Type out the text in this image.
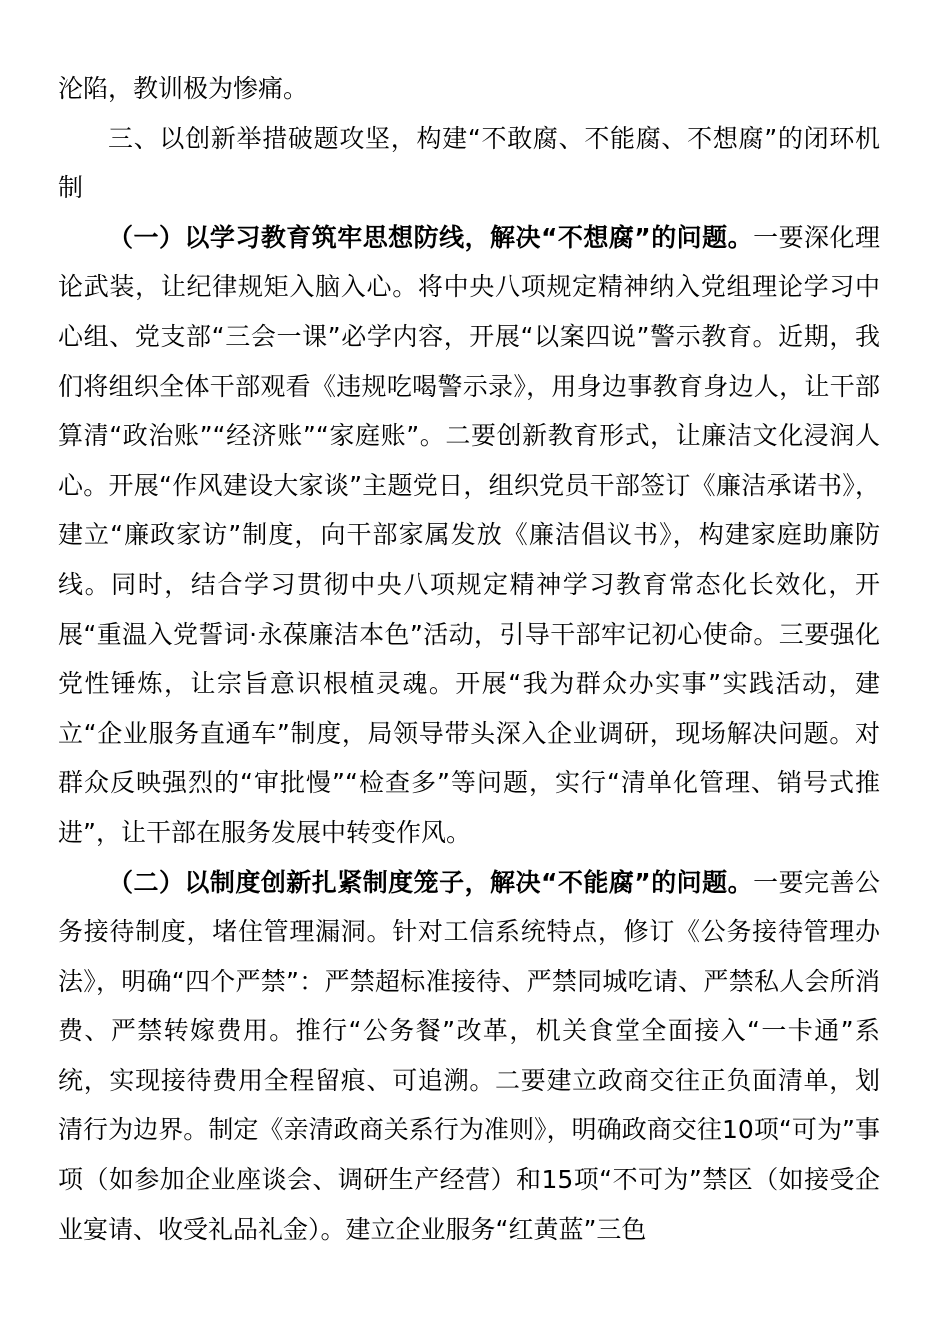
沦陷，教训极为惨痛。

三、以创新举措破题攻坚，构建“不敢腐、不能腐、不想腐”的闭环机制

（一）以学习教育筑牢思想防线，解决“不想腐”的问题。一要深化理论武装，让纪律规矩入脑入心。将中央八项规定精神纳入党组理论学习中心组、党支部“三会一课”必学内容，开展“以案四说”警示教育。近期，我们将组织全体干部观看《违规吃喝警示录》，用身边事教育身边人，让干部算清“政治账”“经济账”“家庭账”。二要创新教育形式，让廉洁文化浸润人心。开展“作风建设大家谈”主题党日，组织党员干部签订《廉洁承诺书》，建立“廉政家访”制度，向干部家属发放《廉洁倡议书》，构建家庭助廉防线。同时，结合学习贯彻中央八项规定精神学习教育常态化长效化，开展“重温入党誓词·永葆廉洁本色”活动，引导干部牢记初心使命。三要强化党性锤炼，让宗旨意识根植灵魂。开展“我为群众办实事”实践活动，建立“企业服务直通车”制度，局领导带头深入企业调研，现场解决问题。对群众反映强烈的“审批慢”“检查多”等问题，实行“清单化管理、销号式推进”，让干部在服务发展中转变作风。

（二）以制度创新扎紧制度笼子，解决“不能腐”的问题。一要完善公务接待制度，堵住管理漏洞。针对工信系统特点，修订《公务接待管理办法》，明确“四个严禁”：严禁超标准接待、严禁同城吃请、严禁私人会所消费、严禁转嫁费用。推行“公务餐”改革，机关食堂全面接入“一卡通”系统，实现接待费用全程留痕、可追溯。二要建立政商交往正负面清单，划清行为边界。制定《亲清政商关系行为准则》，明确政商交往10项“可为”事项（如参加企业座谈会、调研生产经营）和15项“不可为”禁区（如接受企业宴请、收受礼品礼金）。建立企业服务“红黄蓝”三色
